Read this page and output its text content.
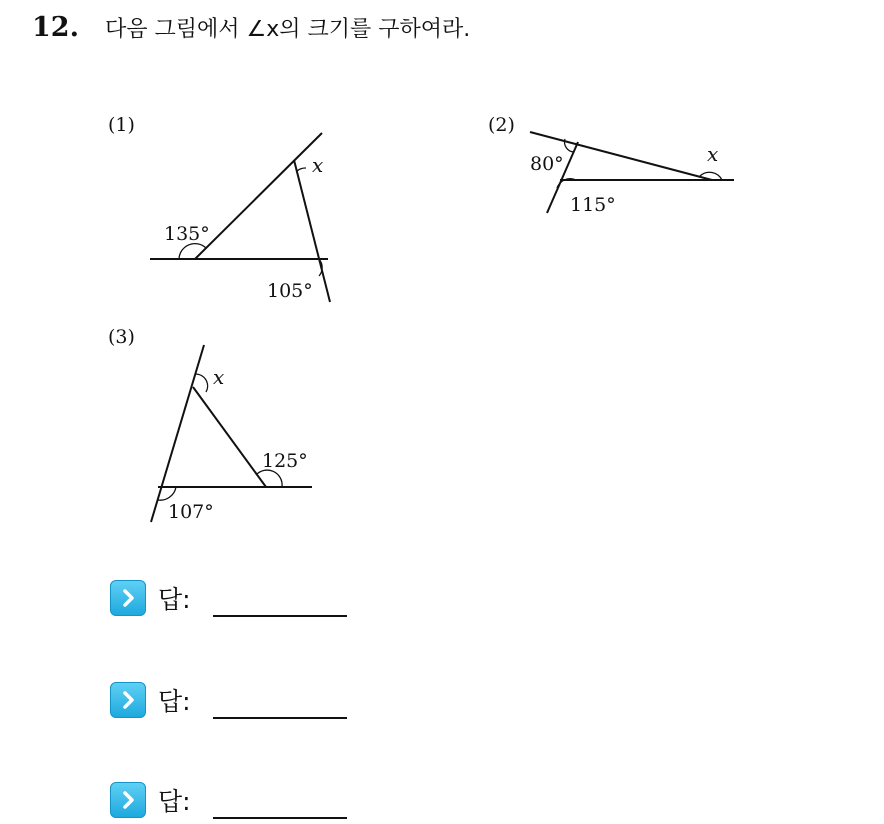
12. 다음 그림에서 ∠x의 크기를 구하여라.
(1)
x
135°
105°
(2)
80°
115°
x
(3)
x
125°
107°
답:
답:
답:
